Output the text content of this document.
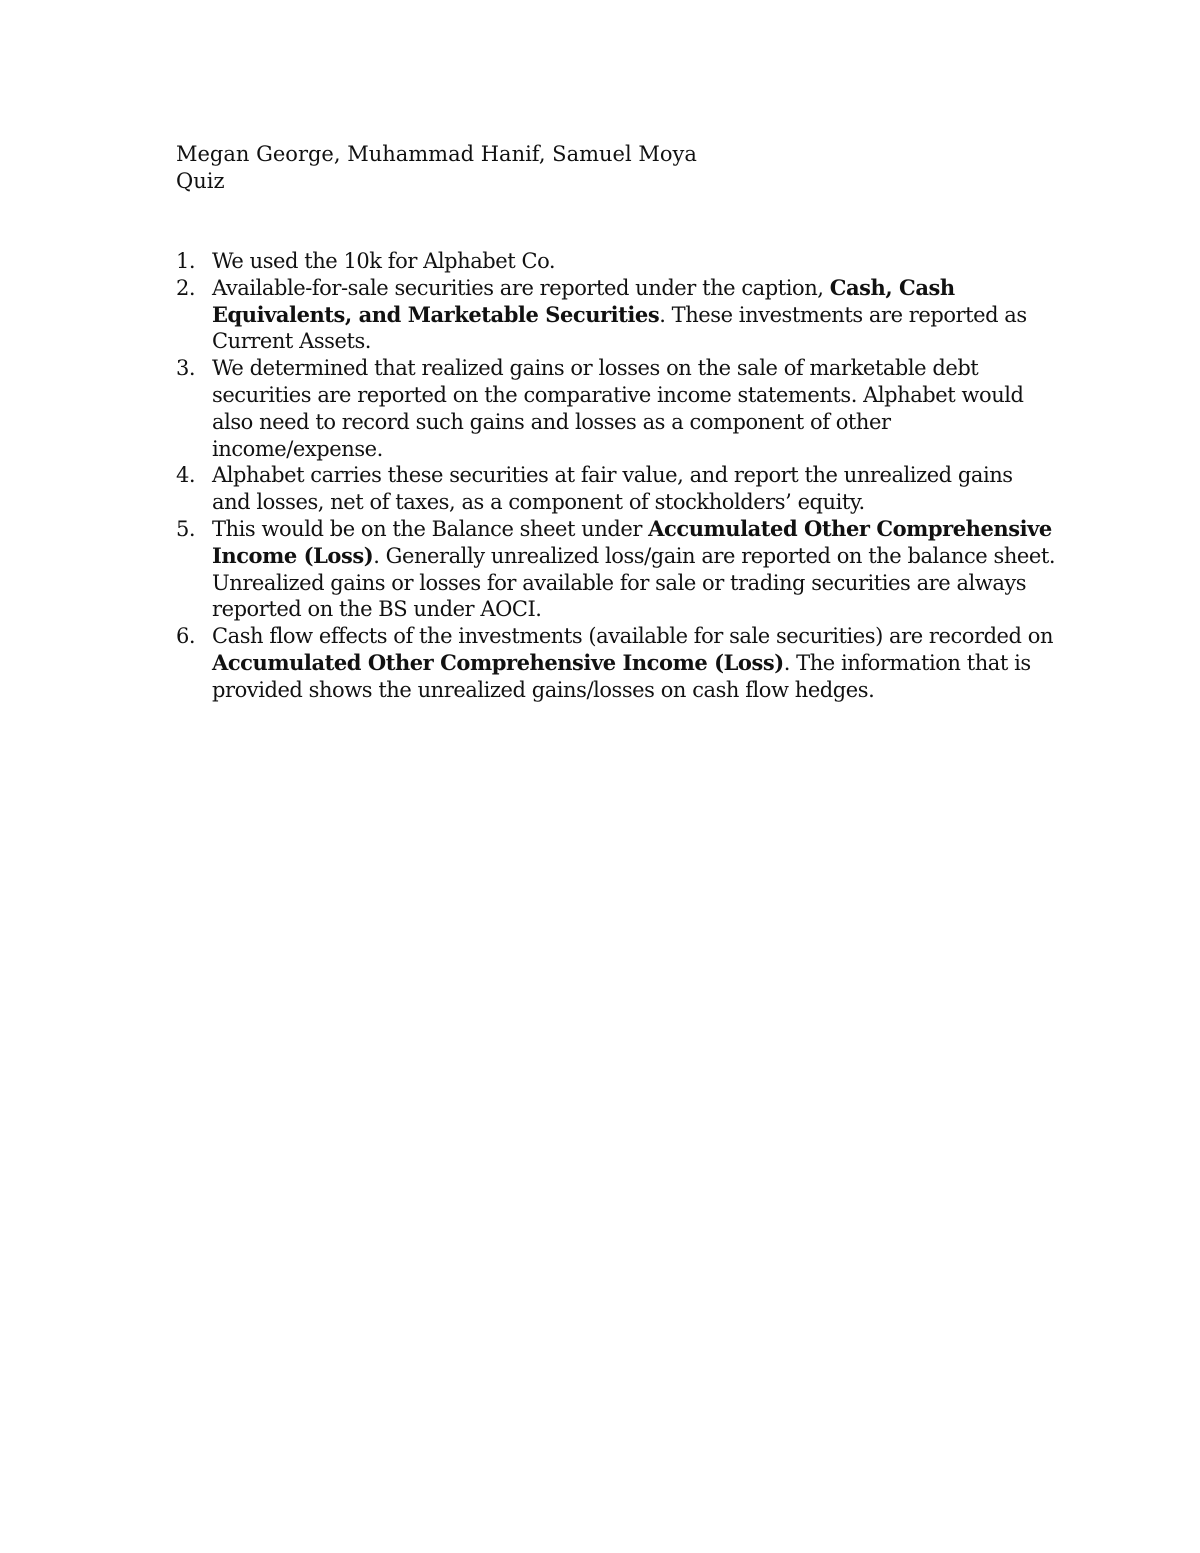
Megan George, Muhammad Hanif, Samuel Moya
Quiz
1. We used the 10k for Alphabet Co.
2. Available-for-sale securities are reported under the caption, Cash, Cash Equivalents, and Marketable Securities. These investments are reported as Current Assets.
3. We determined that realized gains or losses on the sale of marketable debt securities are reported on the comparative income statements. Alphabet would also need to record such gains and losses as a component of other income/expense.
4. Alphabet carries these securities at fair value, and report the unrealized gains and losses, net of taxes, as a component of stockholders’ equity.
5. This would be on the Balance sheet under Accumulated Other Comprehensive Income (Loss). Generally unrealized loss/gain are reported on the balance sheet. Unrealized gains or losses for available for sale or trading securities are always reported on the BS under AOCI.
6. Cash flow effects of the investments (available for sale securities) are recorded on Accumulated Other Comprehensive Income (Loss). The information that is provided shows the unrealized gains/losses on cash flow hedges.
